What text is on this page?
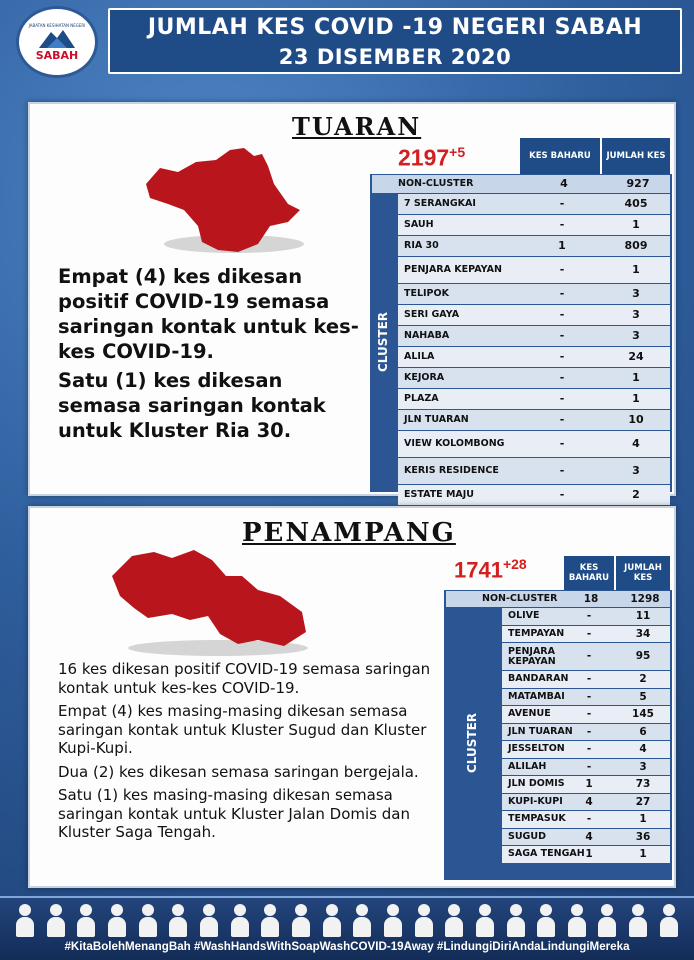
JABATAN KESIHATAN NEGERI
SABAH
JUMLAH KES COVID -19 NEGERI SABAH
23 DISEMBER 2020
TUARAN

Empat (4) kes dikesan positif COVID-19 semasa saringan kontak untuk kes-kes COVID-19.

Satu (1) kes dikesan semasa saringan kontak untuk Kluster Ria 30.

$2197^{+5}$	KES BAHARU	JUMLAH KES
CLUSTER
NON-CLUSTER	4	927
7 SERANGKAI	-	405
SAUH	-	1
RIA 30	1	809
PENJARA KEPAYAN	-	1
TELIPOK	-	3
SERI GAYA	-	3
NAHABA	-	3
ALILA	-	24
KEJORA	-	1
PLAZA	-	1
JLN TUARAN	-	10
VIEW KOLOMBONG	-	4
KERIS RESIDENCE	-	3
ESTATE MAJU	-	2
PENAMPANG

16 kes dikesan positif COVID-19 semasa saringan kontak untuk kes-kes COVID-19.

Empat (4) kes masing-masing dikesan semasa saringan kontak untuk Kluster Sugud dan Kluster Kupi-Kupi.

Dua (2) kes dikesan semasa saringan bergejala.

Satu (1) kes masing-masing dikesan semasa saringan kontak untuk Kluster Jalan Domis dan Kluster Saga Tengah.

$1741^{+28}$	KES BAHARU
JUMLAH KES
CLUSTER
NON-CLUSTER	18	1298
OLIVE	-	11
TEMPAYAN	-	34
PENJARA KEPAYAN	-	95
BANDARAN	-	2
MATAMBAI	-	5
AVENUE	-	145
JLN TUARAN	-	6
JESSELTON	-	4
ALILAH	-	3
JLN DOMIS	1	73
KUPI-KUPI	4	27
TEMPASUK	-	1
SUGUD	4	36
SAGA TENGAH 1	1
#KitaBolehMenangBah #WashHandsWithSoapWashCOVID-19Away #LindungiDiriAndaLindungiMereka
